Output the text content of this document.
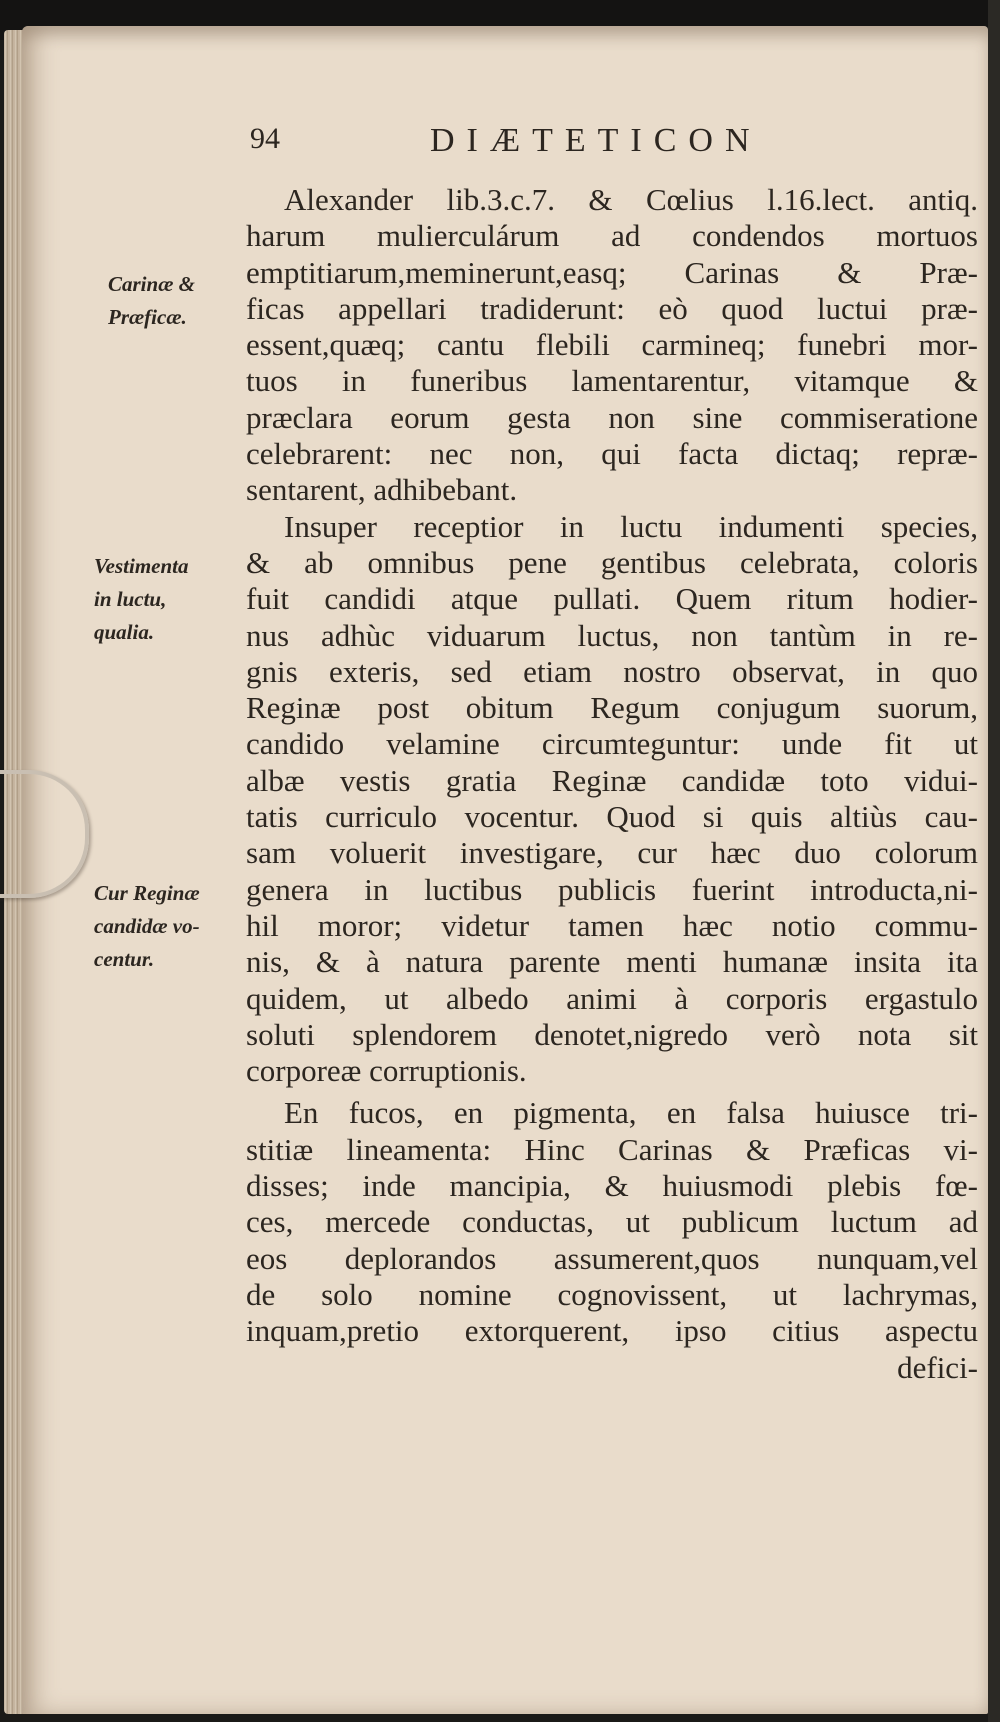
94	DIÆTETICON
Carinæ &
Præficæ.
Vestimenta
in luctu,
qualia.
Cur Reginæ
candidæ vo-
centur.
Alexander lib.3.c.7. & Cœlius l.16.lect. antiq.
harum mulierculárum ad condendos mortuos
emptitiarum,meminerunt,easq; Carinas & Præ-
ficas appellari tradiderunt: eò quod luctui præ-
essent,quæq; cantu flebili carmineq; funebri mor-
tuos in funeribus lamentarentur, vitamque &
præclara eorum gesta non sine commiseratione
celebrarent: nec non, qui facta dictaq; repræ-
sentarent, adhibebant.
Insuper receptior in luctu indumenti species,
& ab omnibus pene gentibus celebrata, coloris
fuit candidi atque pullati. Quem ritum hodier-
nus adhùc viduarum luctus, non tantùm in re-
gnis exteris, sed etiam nostro observat, in quo
Reginæ post obitum Regum conjugum suorum,
candido velamine circumteguntur: unde fit ut
albæ vestis gratia Reginæ candidæ toto vidui-
tatis curriculo vocentur. Quod si quis altiùs cau-
sam voluerit investigare, cur hæc duo colorum
genera in luctibus publicis fuerint introducta,ni-
hil moror; videtur tamen hæc notio commu-
nis, & à natura parente menti humanæ insita ita
quidem, ut albedo animi à corporis ergastulo
soluti splendorem denotet,nigredo verò nota sit
corporeæ corruptionis.
En fucos, en pigmenta, en falsa huiusce tri-
stitiæ lineamenta: Hinc Carinas & Præficas vi-
disses; inde mancipia, & huiusmodi plebis fœ-
ces, mercede conductas, ut publicum luctum ad
eos deplorandos assumerent,quos nunquam,vel
de solo nomine cognovissent, ut lachrymas,
inquam,pretio extorquerent, ipso citius aspectu
defici-
